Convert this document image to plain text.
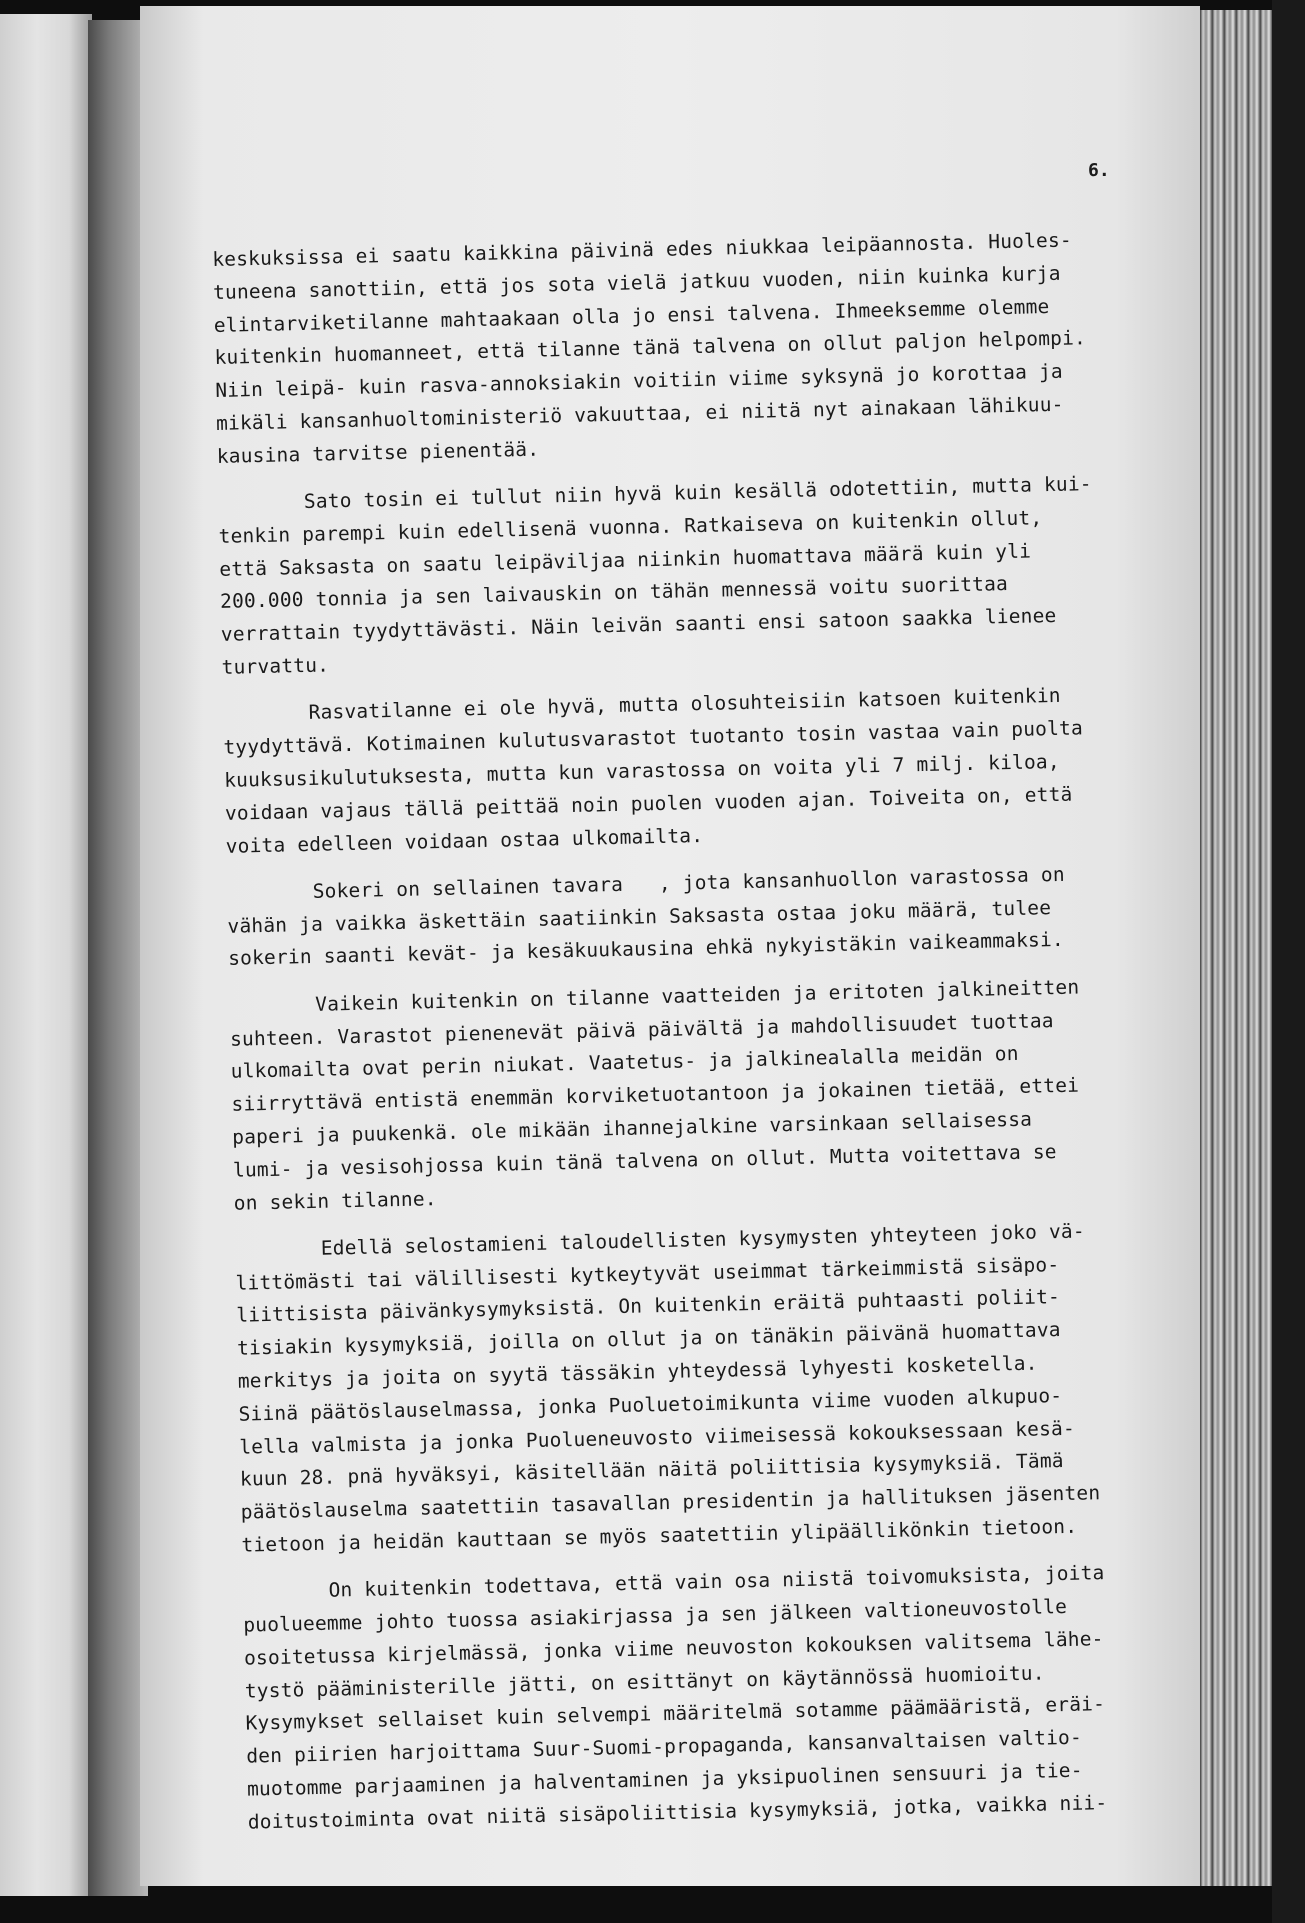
6.
keskuksissa ei saatu kaikkina päivinä edes niukkaa leipäannosta. Huoles-
tuneena sanottiin, että jos sota vielä jatkuu vuoden, niin kuinka kurja
elintarviketilanne mahtaakaan olla jo ensi talvena. Ihmeeksemme olemme
kuitenkin huomanneet, että tilanne tänä talvena on ollut paljon helpompi.
Niin leipä- kuin rasva-annoksiakin voitiin viime syksynä jo korottaa ja
mikäli kansanhuoltoministeriö vakuuttaa, ei niitä nyt ainakaan lähikuu-
kausina tarvitse pienentää.
Sato tosin ei tullut niin hyvä kuin kesällä odotettiin, mutta kui-
tenkin parempi kuin edellisenä vuonna. Ratkaiseva on kuitenkin ollut,
että Saksasta on saatu leipäviljaa niinkin huomattava määrä kuin yli
200.000 tonnia ja sen laivauskin on tähän mennessä voitu suorittaa
verrattain tyydyttävästi. Näin leivän saanti ensi satoon saakka lienee
turvattu.
Rasvatilanne ei ole hyvä, mutta olosuhteisiin katsoen kuitenkin
tyydyttävä. Kotimainen kulutusvarastot tuotanto tosin vastaa vain puolta
kuuksusikulutuksesta, mutta kun varastossa on voita yli 7 milj. kiloa,
voidaan vajaus tällä peittää noin puolen vuoden ajan. Toiveita on, että
voita edelleen voidaan ostaa ulkomailta.
Sokeri on sellainen tavara   , jota kansanhuollon varastossa on
vähän ja vaikka äskettäin saatiinkin Saksasta ostaa joku määrä, tulee
sokerin saanti kevät- ja kesäkuukausina ehkä nykyistäkin vaikeammaksi.
Vaikein kuitenkin on tilanne vaatteiden ja eritoten jalkineitten
suhteen. Varastot pienenevät päivä päivältä ja mahdollisuudet tuottaa
ulkomailta ovat perin niukat. Vaatetus- ja jalkinealalla meidän on
siirryttävä entistä enemmän korviketuotantoon ja jokainen tietää, ettei
paperi ja puukenkä. ole mikään ihannejalkine varsinkaan sellaisessa
lumi- ja vesisohjossa kuin tänä talvena on ollut. Mutta voitettava se
on sekin tilanne.
Edellä selostamieni taloudellisten kysymysten yhteyteen joko vä-
littömästi tai välillisesti kytkeytyvät useimmat tärkeimmistä sisäpo-
liittisista päivänkysymyksistä. On kuitenkin eräitä puhtaasti poliit-
tisiakin kysymyksiä, joilla on ollut ja on tänäkin päivänä huomattava
merkitys ja joita on syytä tässäkin yhteydessä lyhyesti kosketella.
Siinä päätöslauselmassa, jonka Puoluetoimikunta viime vuoden alkupuo-
lella valmista ja jonka Puolueneuvosto viimeisessä kokouksessaan kesä-
kuun 28. pnä hyväksyi, käsitellään näitä poliittisia kysymyksiä. Tämä
päätöslauselma saatettiin tasavallan presidentin ja hallituksen jäsenten
tietoon ja heidän kauttaan se myös saatettiin ylipäällikönkin tietoon.
On kuitenkin todettava, että vain osa niistä toivomuksista, joita
puolueemme johto tuossa asiakirjassa ja sen jälkeen valtioneuvostolle
osoitetussa kirjelmässä, jonka viime neuvoston kokouksen valitsema lähe-
tystö pääministerille jätti, on esittänyt on käytännössä huomioitu.
Kysymykset sellaiset kuin selvempi määritelmä sotamme päämääristä, eräi-
den piirien harjoittama Suur-Suomi-propaganda, kansanvaltaisen valtio-
muotomme parjaaminen ja halventaminen ja yksipuolinen sensuuri ja tie-
doitustoiminta ovat niitä sisäpoliittisia kysymyksiä, jotka, vaikka nii-
